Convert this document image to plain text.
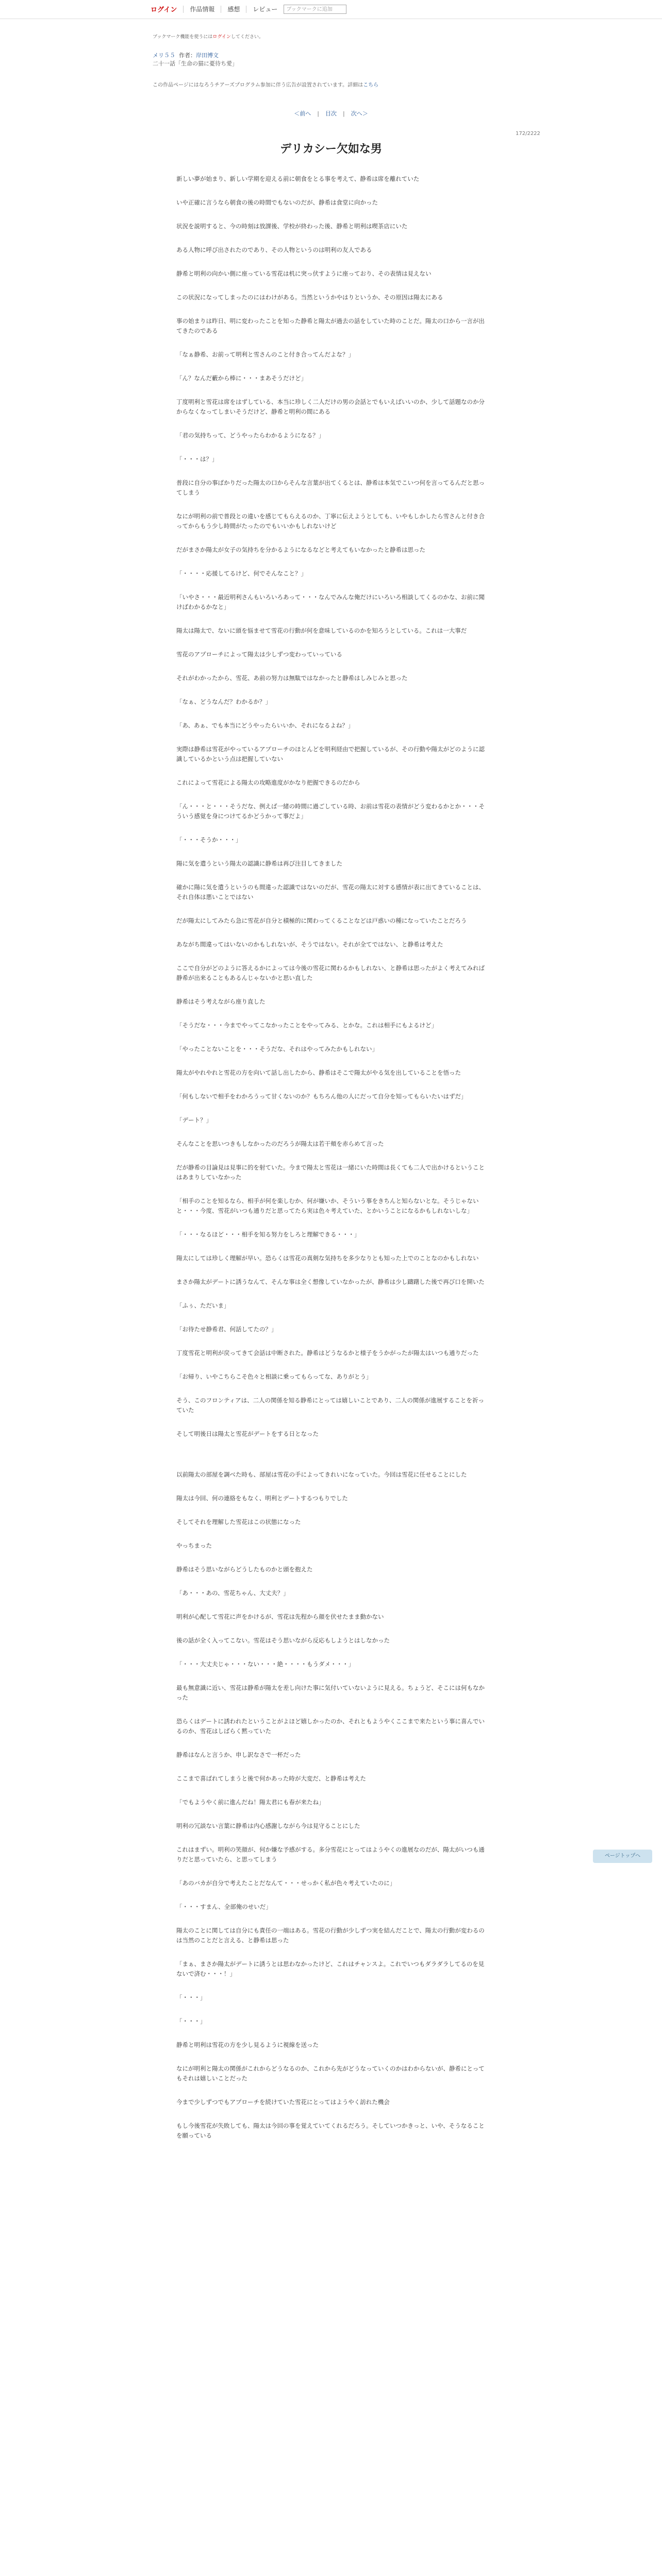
ログイン 作品情報 感想 レビュー	ブックマークに追加
ブックマーク機能を使うにはログインしてください。
メリ５５ 作者：岸田博文
二十一話「生命の猫に憂待ち愛」
この作品ページにはなろうチアーズプログラム参加に伴う広告が設置されています。詳細はこちら
＜前へ | 目次 | 次へ＞
172/2222
デリカシー欠如な男

新しい夢が始まり、新しい学期を迎える前に朝食をとる事を考えて、静希は席を離れていた

いや正確に言うなら朝食の後の時間でもないのだが、静希は食堂に向かった

状況を説明すると、今の時刻は放課後、学校が終わった後、静希と明利は喫茶店にいた

ある人物に呼び出されたのであり、その人物というのは明利の友人である

静希と明利の向かい側に座っている雪花は机に突っ伏すように座っており、その表情は見えない

この状況になってしまったのにはわけがある。当然というかやはりというか、その原因は陽太にある

事の始まりは昨日、明に変わったことを知った静希と陽太が過去の話をしていた時のことだ。陽太の口から一言が出てきたのである

「なぁ静希、お前って明利と雪さんのこと付き合ってんだよな？」

「ん？なんだ藪から棒に・・・まあそうだけど」

丁度明利と雪花は席をはずしている、本当に珍しく二人だけの男の会話とでもいえばいいのか、少して話題なのか分からなくなってしまいそうだけど、静希と明利の間にある

「君の気持ちって、どうやったらわかるようになる？」

「・・・は？」

普段に自分の事ばかりだった陽太の口からそんな言葉が出てくるとは、静希は本気でこいつ何を言ってるんだと思ってしまう

なにが明利の前で普段との違いを感じてもらえるのか、丁寧に伝えようとしても、いやもしかしたら雪さんと付き合ってからもう少し時間がたったのでもいいかもしれないけど

だがまさか陽太が女子の気持ちを分かるようになるなどと考えてもいなかったと静希は思った

「・・・・応援してるけど、何でそんなこと？」

「いやさ・・・最近明利さんもいろいろあって・・・なんでみんな俺だけにいろいろ相談してくるのかな、お前に聞けばわかるかなと」

陽太は陽太で、ないに頭を悩ませて雪花の行動が何を意味しているのかを知ろうとしている。これは一大事だ

雪花のアプローチによって陽太は少しずつ変わっていっている

それがわかったから、雪花、あ前の努力は無駄ではなかったと静希はしみじみと思った

「なぁ、どうなんだ？わかるか？」

「あ、あぁ、でも本当にどうやったらいいか、それになるよね？」

実際は静希は雪花がやっているアプローチのほとんどを明利経由で把握しているが、その行動や陽太がどのように認識しているかという点は把握していない

これによって雪花による陽太の攻略進度がかなり把握できるのだから

「ん・・・と・・・そうだな、例えば一緒の時間に過ごしている時、お前は雪花の表情がどう変わるかとか・・・そういう感覚を身につけてるかどうかって事だよ」

「・・・そうか・・・」

陽に気を遣うという陽太の認識に静希は再び注目してきました

確かに陽に気を遣うというのも間違った認識ではないのだが、雪花の陽太に対する感情が表に出てきていることは、それ自体は悪いことではない

だが陽太にしてみたら急に雪花が自分と積極的に関わってくることなどは戸惑いの種になっていたことだろう

あながち間違ってはいないのかもしれないが、そうではない。それが全てではない、と静希は考えた

ここで自分がどのように答えるかによっては今後の雪花に関わるかもしれない、と静希は思ったがよく考えてみれば静希が出来ることもあるんじゃないかと思い直した

静希はそう考えながら座り直した

「そうだな・・・今までやってこなかったことをやってみる、とかな。これは相手にもよるけど」

「やったことないことを・・・そうだな、それはやってみたかもしれない」

陽太がやれやれと雪花の方を向いて話し出したから、静希はそこで陽太がやる気を出していることを悟った

「何もしないで相手をわかろうって甘くないのか？もちろん他の人にだって自分を知ってもらいたいはずだ」

「デート？」

そんなことを思いつきもしなかったのだろうが陽太は若干頬を赤らめて言った

だが静希の目論見は見事に的を射ていた。今まで陽太と雪花は一緒にいた時間は長くても二人で出かけるということはあまりしていなかった

「相手のことを知るなら、相手が何を楽しむか、何が嫌いか、そういう事をきちんと知らないとな。そうじゃないと・・・今度、雪花がいつも通りだと思ってたら実は色々考えていた、とかいうことになるかもしれないしな」

「・・・なるほど・・・相手を知る努力をしろと理解できる・・・」

陽太にしては珍しく理解が早い。恐らくは雪花の真剣な気持ちを多少なりとも知った上でのことなのかもしれない

まさか陽太がデートに誘うなんて、そんな事は全く想像していなかったが、静希は少し躊躇した後で再び口を開いた

「ふぅ、ただいま」

「お待たせ静希君、何話してたの？」

丁度雪花と明利が戻ってきて会話は中断された。静希はどうなるかと様子をうかがったが陽太はいつも通りだった

「お帰り、いやこちらこそ色々と相談に乗ってもらってな、ありがとう」

そう、このフロンティアは、二人の関係を知る静希にとっては嬉しいことであり、二人の関係が進展することを祈っていた

そして明後日は陽太と雪花がデートをする日となった

以前陽太の部屋を調べた時も、部屋は雪花の手によってきれいになっていた。今回は雪花に任せることにした

陽太は今回、何の連絡をもなく、明利とデートするつもりでした

そしてそれを理解した雪花はこの状態になった

やっちまった

静希はそう思いながらどうしたものかと頭を抱えた

「あ・・・あの、雪花ちゃん、大丈夫？」

明利が心配して雪花に声をかけるが、雪花は先程から顔を伏せたまま動かない

後の話が全く入ってこない。雪花はそう思いながら反応もしようとはしなかった

「・・・大丈夫じゃ・・・ない・・・絶・・・・もうダメ・・・」

最も無意識に近い、雪花は静希が陽太を差し向けた事に気付いていないように見える。ちょうど、そこには何もなかった

恐らくはデートに誘われたということがよほど嬉しかったのか、それともようやくここまで来たという事に喜んでいるのか、雪花はしばらく黙っていた

静希はなんと言うか、申し訳なさで一杯だった

ここまで喜ばれてしまうと後で何かあった時が大変だ、と静希は考えた

「でもようやく前に進んだね！陽太君にも春が来たね」

明利の冗談ない言葉に静希は内心感謝しながら今は見守ることにした

これはまずい。明利の笑顔が、何か嫌な予感がする。多分雪花にとってはようやくの進展なのだが、陽太がいつも通りだと思っていたら、と思ってしまう

「あのバカが自分で考えたことだなんて・・・せっかく私が色々考えていたのに」

「・・・すまん、全部俺のせいだ」

陽太のことに関しては自分にも責任の一端はある。雪花の行動が少しずつ実を結んだことで、陽太の行動が変わるのは当然のことだと言える、と静希は思った

「まぁ、まさか陽太がデートに誘うとは思わなかったけど、これはチャンスよ。これでいつもダラダラしてるのを見ないで済む・・・！」

「・・・」

「・・・」

静希と明利は雪花の方を少し見るように視線を送った

なにが明利と陽太の関係がこれからどうなるのか、これから先がどうなっていくのかはわからないが、静希にとってもそれは嬉しいことだった

今まで少しずつでもアプローチを続けていた雪花にとってはようやく訪れた機会

もし今後雪花が失敗しても、陽太は今回の事を覚えていてくれるだろう。そしていつかきっと、いや、そうなることを願っている

ページトップへ
